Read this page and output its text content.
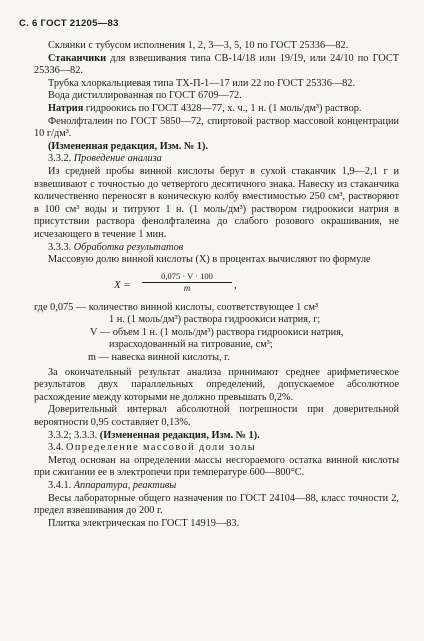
С. 6 ГОСТ 21205—83

Склянки с тубусом исполнения 1, 2, 3—3, 5, 10 по ГОСТ 25336—82.

Стаканчики для взвешивания типа СВ-14/18 или 19/19, или 24/10 по ГОСТ 25336—82.

Трубка хлоркальциевая типа ТХ-П-1—17 или 22 по ГОСТ 25336—82.

Вода дистиллированная по ГОСТ 6709—72.

Натрия гидроокись по ГОСТ 4328—77, х. ч., 1 н. (1 моль/дм³) раствор.

Фенолфталеин по ГОСТ 5850—72, спиртовой раствор массовой концентрации 10 г/дм³.

(Измененная редакция, Изм. № 1).

3.3.2. Проведение анализа

Из средней пробы винной кислоты берут в сухой стаканчик 1,9—2,1 г и взвешивают с точностью до четвертого десятичного знака. Навеску из стаканчика количественно переносят в коническую колбу вместимостью 250 см³, растворяют в 100 см³ воды и титруют 1 н. (1 моль/дм³) раствором гидроокиси натрия в присутствии раствора фенолфталеина до слабого розового окрашивания, не исчезающего в течение 1 мин.

3.3.3. Обработка результатов

Массовую долю винной кислоты (X) в процентах вычисляют по формуле

$X = \frac{0,075 \cdot V \cdot 100}{m}$ ,

где 0,075 — количество винной кислоты, соответствующее 1 см³

1 н. (1 моль/дм³) раствора гидроокиси натрия, г;

V — объем 1 н. (1 моль/дм³) раствора гидроокиси натрия,

израсходованный на титрование, см³;

m — навеска винной кислоты, г.

За окончательный результат анализа принимают среднее арифметическое результатов двух параллельных определений, допускаемое абсолютное расхождение между которыми не должно превышать 0,2%.

Доверительный интервал абсолютной погрешности при доверительной вероятности 0,95 составляет 0,13%.

3.3.2; 3.3.3. (Измененная редакция, Изм. № 1).

3.4. Определение массовой доли золы

Метод основан на определении массы несгораемого остатка винной кислоты при сжигании ее в электропечи при температуре 600—800°С.

3.4.1. Аппаратура, реактивы

Весы лабораторные общего назначения по ГОСТ 24104—88, класс точности 2, предел взвешивания до 200 г.

Плитка электрическая по ГОСТ 14919—83.
